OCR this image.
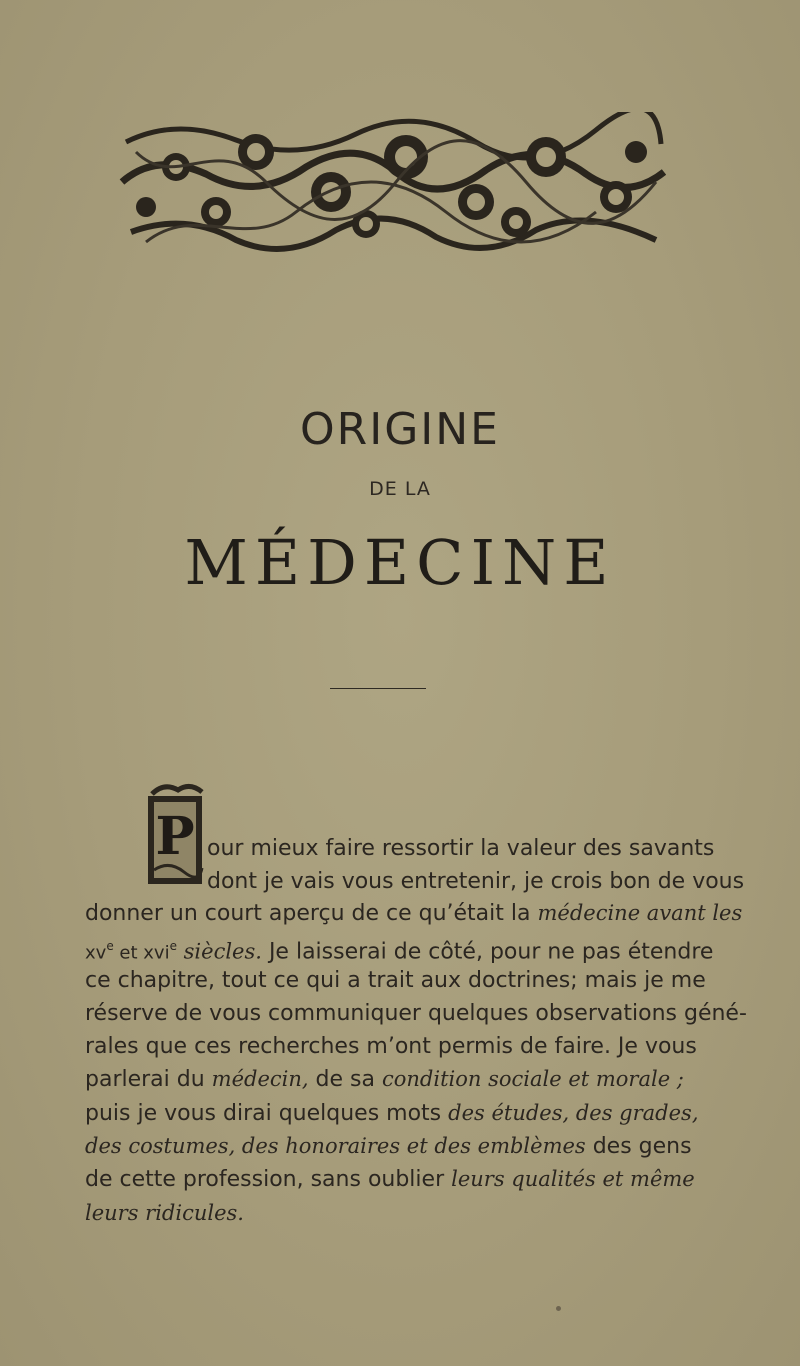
ORIGINE
DE LA
MÉDECINE
P our mieux faire ressortir la valeur des savants
dont je vais vous entretenir, je crois bon de vous
donner un court aperçu de ce qu’était la médecine avant les
$xv^e$ et xvi$^e$ siècles. Je laisserai de côté, pour ne pas étendre
ce chapitre, tout ce qui a trait aux doctrines; mais je me
réserve de vous communiquer quelques observations géné-
rales que ces recherches m’ont permis de faire. Je vous
parlerai du médecin, de sa condition sociale et morale ;
puis je vous dirai quelques mots des études, des grades,
des costumes, des honoraires et des emblèmes des gens
de cette profession, sans oublier leurs qualités et même
leurs ridicules.
